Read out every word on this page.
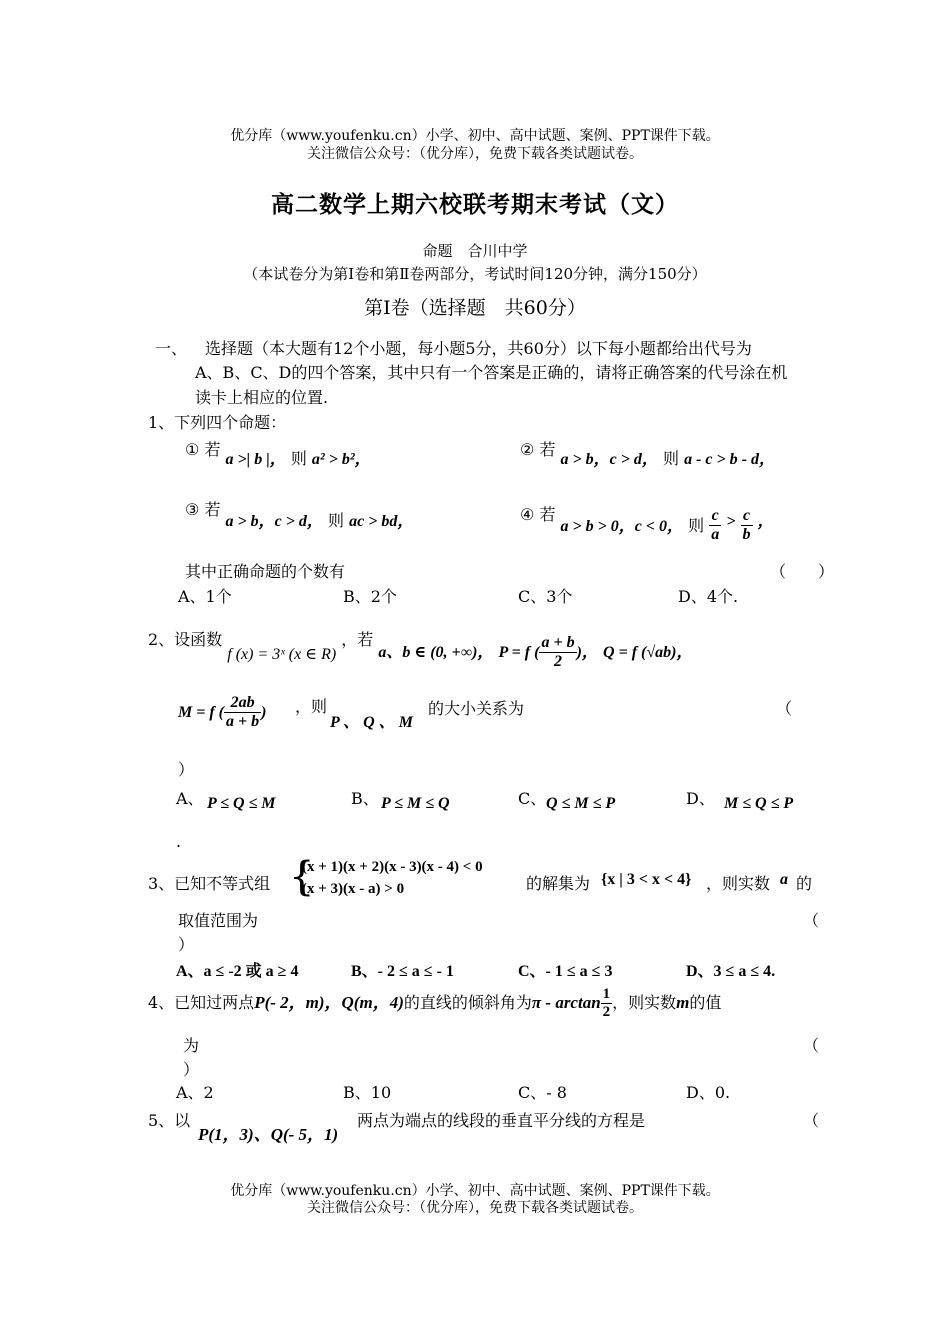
优分库（www.youfenku.cn）小学、初中、高中试题、案例、PPT课件下载。
关注微信公众号：（优分库），免费下载各类试题试卷。
高二数学上期六校联考期末考试（文）
命题　合川中学
（本试卷分为第Ⅰ卷和第Ⅱ卷两部分，考试时间120分钟，满分150分）
第Ⅰ卷（选择题　共60分）
一、 选择题（本大题有12个小题，每小题5分，共60分）以下每小题都给出代号为
A、B、C、D的四个答案，其中只有一个答案是正确的，请将正确答案的代号涂在机
读卡上相应的位置.
1、下列四个命题：
① 若 a >| b |， 则 a² > b²，
② 若 a > b，c > d， 则 a - c > b - d，
③ 若 a > b，c > d， 则 ac > bd，	④ 若 a > b > 0，c < 0， 则 $\frac{c}{a} > \frac{c}{b}$ ，
其中正确命题的个数有	（　　）
A、1个	B、2个	C、3个	D、4个.
2、设函数 f (x) = 3ˣ (x ∈ R) ，若 a、b ∈ (0, +∞)， P = f ( $\frac{a + b}{2}$ )， Q = f (√ab)，
M = f ( $\frac{2ab}{a + b}$ ) ，则
P 、 Q 、 M
的大小关系为	（
）
A、 P ≤ Q ≤ M	B、 P ≤ M ≤ Q	C、 Q ≤ M ≤ P	D、 M ≤ Q ≤ P
.
3、已知不等式组 {
(x + 1)(x + 2)(x - 3)(x - 4) < 0
(x + 3)(x - a) > 0	的解集为 {x | 3 < x < 4} ，则实数 a 的
取值范围为	（
）
A、a ≤ -2 或 a ≥ 4	B、- 2 ≤ a ≤ - 1	C、- 1 ≤ a ≤ 3	D、3 ≤ a ≤ 4.
4、已知过两点P(- 2，m)，Q(m，4)的直线的倾斜角为π - $\arctan \frac{1}{2}$ ，则实数m的值
为	（
）
A、2	B、10	C、- 8	D、0.
5、以
P(1，3)、Q(- 5，1)
两点为端点的线段的垂直平分线的方程是	（
优分库（www.youfenku.cn）小学、初中、高中试题、案例、PPT课件下载。
关注微信公众号：（优分库），免费下载各类试题试卷。
